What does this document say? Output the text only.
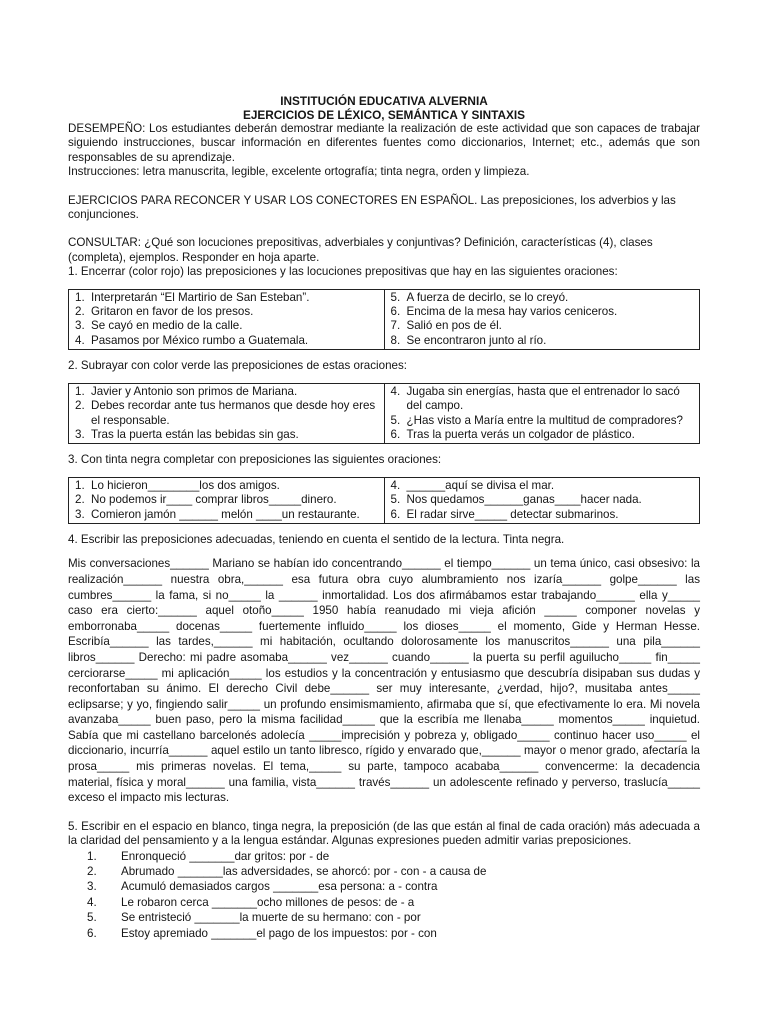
INSTITUCIÓN EDUCATIVA ALVERNIA
EJERCICIOS DE LÉXICO, SEMÁNTICA Y SINTAXIS

DESEMPEÑO: Los estudiantes deberán demostrar mediante la realización de este actividad que son capaces de trabajar siguiendo instrucciones, buscar información en diferentes fuentes como diccionarios, Internet; etc., además que son responsables de su aprendizaje.

Instrucciones: letra manuscrita, legible, excelente ortografía; tinta negra, orden y limpieza.

EJERCICIOS PARA RECONCER Y USAR LOS CONECTORES EN ESPAÑOL. Las preposiciones, los adverbios y las conjunciones.

CONSULTAR: ¿Qué son locuciones prepositivas, adverbiales y conjuntivas? Definición, características (4), clases (completa), ejemplos. Responder en hoja aparte.

1. Encerrar (color rojo) las preposiciones y las locuciones prepositivas que hay en las siguientes oraciones:

1. Interpretarán “El Martirio de San Esteban”.
2. Gritaron en favor de los presos.
3. Se cayó en medio de la calle.
4. Pasamos por México rumbo a Guatemala.

5. A fuerza de decirlo, se lo creyó.
6. Encima de la mesa hay varios ceniceros.
7. Salió en pos de él.
8. Se encontraron junto al río.

2. Subrayar con color verde las preposiciones de estas oraciones:

1. Javier y Antonio son primos de Mariana.
2. Debes recordar ante tus hermanos que desde hoy eres el responsable.
3. Tras la puerta están las bebidas sin gas.

4. Jugaba sin energías, hasta que el entrenador lo sacó del campo.
5. ¿Has visto a María entre la multitud de compradores?
6. Tras la puerta verás un colgador de plástico.

3. Con tinta negra completar con preposiciones las siguientes oraciones:

1. Lo hicieron________los dos amigos.
2. No podemos ir____ comprar libros_____dinero.
3. Comieron jamón ______ melón ____un restaurante.

4. ______aquí se divisa el mar.
5. Nos quedamos______ganas____hacer nada.
6. El radar sirve_____ detectar submarinos.

4. Escribir las preposiciones adecuadas, teniendo en cuenta el sentido de la lectura. Tinta negra.

Mis conversaciones______ Mariano se habían ido concentrando______ el tiempo______ un tema único, casi obsesivo: la realización______ nuestra obra,______ esa futura obra cuyo alumbramiento nos izaría______ golpe______ las cumbres______ la fama, si no_____ la ______ inmortalidad. Los dos afirmábamos estar trabajando______ ella y_____ caso era cierto:______ aquel otoño_____ 1950 había reanudado mi vieja afición _____ componer novelas y emborronaba_____ docenas_____ fuertemente influido_____ los dioses_____ el momento, Gide y Herman Hesse. Escribía______ las tardes,______ mi habitación, ocultando dolorosamente los manuscritos______ una pila______ libros______ Derecho: mi padre asomaba______ vez______ cuando______ la puerta su perfil aguilucho_____ fin_____ cerciorarse_____ mi aplicación_____ los estudios y la concentración y entusiasmo que descubría disipaban sus dudas y reconfortaban su ánimo. El derecho Civil debe______ ser muy interesante, ¿verdad, hijo?, musitaba antes_____ eclipsarse; y yo, fingiendo salir_____ un profundo ensimismamiento, afirmaba que sí, que efectivamente lo era. Mi novela avanzaba_____ buen paso, pero la misma facilidad_____ que la escribía me llenaba_____ momentos_____ inquietud. Sabía que mi castellano barcelonés adolecía _____imprecisión y pobreza y, obligado_____ continuo hacer uso_____ el diccionario, incurría______ aquel estilo un tanto libresco, rígido y envarado que,______ mayor o menor grado, afectaría la prosa_____ mis primeras novelas. El tema,_____ su parte, tampoco acababa______ convencerme: la decadencia material, física y moral______ una familia, vista______ través______ un adolescente refinado y perverso, traslucía_____ exceso el impacto mis lecturas.

5. Escribir en el espacio en blanco, tinga negra, la preposición (de las que están al final de cada oración) más adecuada a la claridad del pensamiento y a la lengua estándar. Algunas expresiones pueden admitir varias preposiciones.

1.	Enronqueció _______dar gritos: por - de
2.	Abrumado _______las adversidades, se ahorcó: por - con - a causa de
3.	Acumuló demasiados cargos _______esa persona: a - contra
4.	Le robaron cerca _______ocho millones de pesos: de - a
5.	Se entristeció _______la muerte de su hermano: con - por
6.	Estoy apremiado _______el pago de los impuestos: por - con
